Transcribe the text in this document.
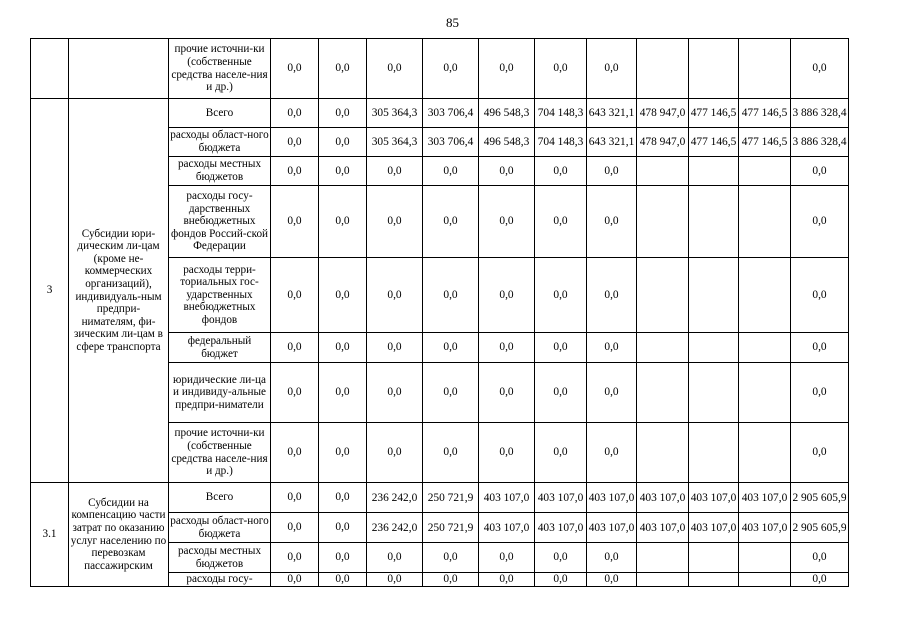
85
		прочие источни-ки (собственные средства населе-ния и др.)	0,0	0,0	0,0	0,0	0,0	0,0	0,0				0,0
3	Субсидии юри-дическим ли-цам (кроме не-коммерческих организаций), индивидуаль-ным предпри-нимателям, фи-зическим ли-цам в сфере транспорта	Всего	0,0	0,0	305 364,3	303 706,4	496 548,3	704 148,3	643 321,1	478 947,0	477 146,5	477 146,5	3 886 328,4
		расходы област-ного бюджета	0,0	0,0	305 364,3	303 706,4	496 548,3	704 148,3	643 321,1	478 947,0	477 146,5	477 146,5	3 886 328,4
		расходы местных бюджетов	0,0	0,0	0,0	0,0	0,0	0,0	0,0				0,0
		расходы госу-дарственных внебюджетных фондов Россий-ской Федерации	0,0	0,0	0,0	0,0	0,0	0,0	0,0				0,0
		расходы терри-ториальных гос-ударственных внебюджетных фондов	0,0	0,0	0,0	0,0	0,0	0,0	0,0				0,0
		федеральный бюджет	0,0	0,0	0,0	0,0	0,0	0,0	0,0				0,0
		юридические ли-ца и индивиду-альные предпри-ниматели	0,0	0,0	0,0	0,0	0,0	0,0	0,0				0,0
		прочие источни-ки (собственные средства населе-ния и др.)	0,0	0,0	0,0	0,0	0,0	0,0	0,0				0,0
3.1	Субсидии на компенсацию части затрат по оказанию услуг населению по перевозкам пассажирским	Всего	0,0	0,0	236 242,0	250 721,9	403 107,0	403 107,0	403 107,0	403 107,0	403 107,0	403 107,0	2 905 605,9
		расходы област-ного бюджета	0,0	0,0	236 242,0	250 721,9	403 107,0	403 107,0	403 107,0	403 107,0	403 107,0	403 107,0	2 905 605,9
		расходы местных бюджетов	0,0	0,0	0,0	0,0	0,0	0,0	0,0				0,0
		расходы госу-	0,0	0,0	0,0	0,0	0,0	0,0	0,0				0,0
